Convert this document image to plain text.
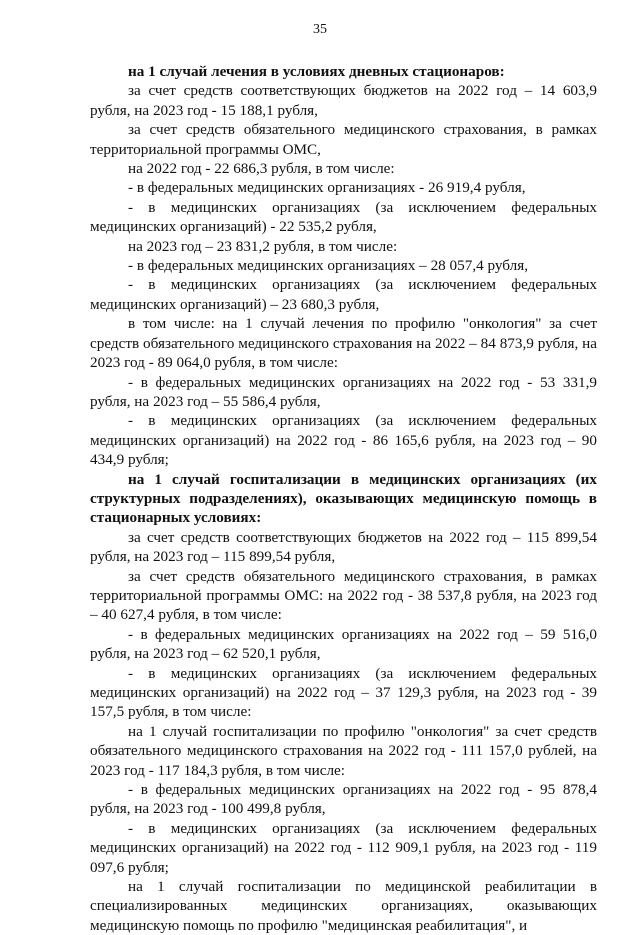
35

на 1 случай лечения в условиях дневных стационаров:

за счет средств соответствующих бюджетов на 2022 год – 14 603,9 рубля, на 2023 год - 15 188,1 рубля,

за счет средств обязательного медицинского страхования, в рамках территориальной программы ОМС,

на 2022 год - 22 686,3 рубля, в том числе:

- в федеральных медицинских организациях - 26 919,4 рубля,

- в медицинских организациях (за исключением федеральных медицинских организаций) - 22 535,2 рубля,

на 2023 год – 23 831,2 рубля, в том числе:

- в федеральных медицинских организациях – 28 057,4 рубля,

- в медицинских организациях (за исключением федеральных медицинских организаций) – 23 680,3 рубля,

в том числе: на 1 случай лечения по профилю "онкология" за счет средств обязательного медицинского страхования на 2022 – 84 873,9 рубля, на 2023 год - 89 064,0 рубля, в том числе:

- в федеральных медицинских организациях на 2022 год - 53 331,9 рубля, на 2023 год – 55 586,4 рубля,

- в медицинских организациях (за исключением федеральных медицинских организаций) на 2022 год - 86 165,6 рубля, на 2023 год – 90 434,9 рубля;

на 1 случай госпитализации в медицинских организациях (их структурных подразделениях), оказывающих медицинскую помощь в стационарных условиях:

за счет средств соответствующих бюджетов на 2022 год – 115 899,54 рубля, на 2023 год – 115 899,54 рубля,

за счет средств обязательного медицинского страхования, в рамках территориальной программы ОМС: на 2022 год - 38 537,8 рубля, на 2023 год – 40 627,4 рубля, в том числе:

- в федеральных медицинских организациях на 2022 год – 59 516,0 рубля, на 2023 год – 62 520,1 рубля,

- в медицинских организациях (за исключением федеральных медицинских организаций) на 2022 год – 37 129,3 рубля, на 2023 год - 39 157,5 рубля, в том числе:

на 1 случай госпитализации по профилю "онкология" за счет средств обязательного медицинского страхования на 2022 год - 111 157,0 рублей, на 2023 год - 117 184,3 рубля, в том числе:

- в федеральных медицинских организациях на 2022 год - 95 878,4 рубля, на 2023 год - 100 499,8 рубля,

- в медицинских организациях (за исключением федеральных медицинских организаций) на 2022 год - 112 909,1 рубля, на 2023 год - 119 097,6 рубля;

на 1 случай госпитализации по медицинской реабилитации в специализированных медицинских организациях, оказывающих медицинскую помощь по профилю "медицинская реабилитация", и
